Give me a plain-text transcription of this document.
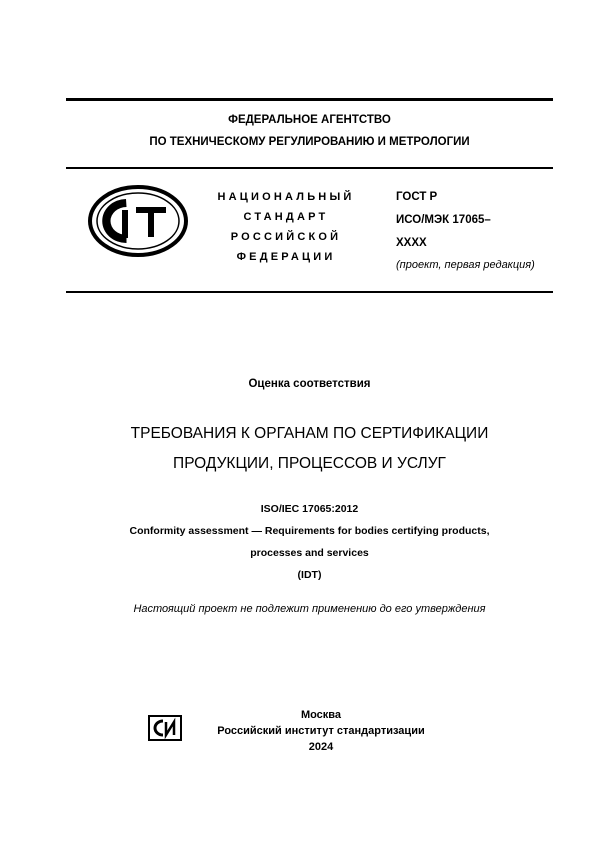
ФЕДЕРАЛЬНОЕ АГЕНТСТВО
ПО ТЕХНИЧЕСКОМУ РЕГУЛИРОВАНИЮ И МЕТРОЛОГИИ
НАЦИОНАЛЬНЫЙ
СТАНДАРТ
РОССИЙСКОЙ
ФЕДЕРАЦИИ
ГОСТ Р
ИСО/МЭК 17065–
XXXX
(проект, первая редакция)
Оценка соответствия
ТРЕБОВАНИЯ К ОРГАНАМ ПО СЕРТИФИКАЦИИ
ПРОДУКЦИИ, ПРОЦЕССОВ И УСЛУГ
ISO/IEC 17065:2012
Conformity assessment — Requirements for bodies certifying products,
processes and services
(IDT)
Настоящий проект не подлежит применению до его утверждения
Москва
Российский институт стандартизации
2024
